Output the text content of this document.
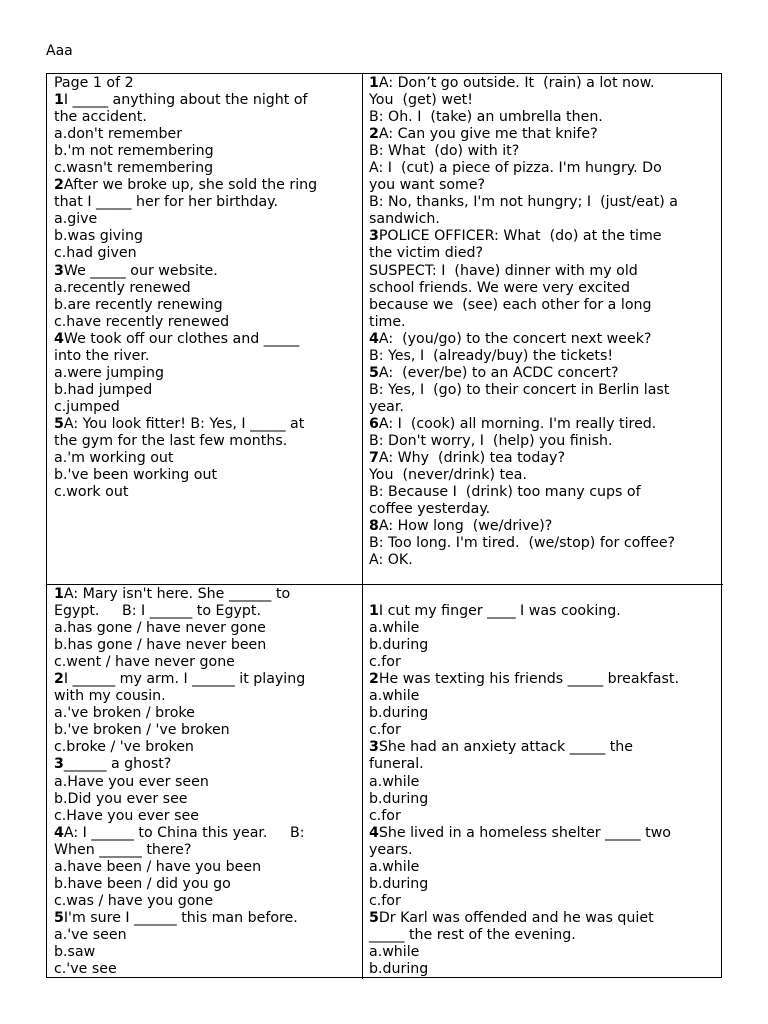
Aaa
Page 1 of 2
1I _____ anything about the night of
the accident.
a.don't remember
b.'m not remembering
c.wasn't remembering
2After we broke up, she sold the ring
that I _____ her for her birthday.
a.give
b.was giving
c.had given
3We _____ our website.
a.recently renewed
b.are recently renewing
c.have recently renewed
4We took off our clothes and _____
into the river.
a.were jumping
b.had jumped
c.jumped
5A: You look fitter! B: Yes, I _____ at
the gym for the last few months.
a.'m working out
b.'ve been working out
c.work out
1A: Don’t go outside. It  (rain) a lot now.
You  (get) wet!
B: Oh. I  (take) an umbrella then.
2A: Can you give me that knife?
B: What  (do) with it?
A: I  (cut) a piece of pizza. I'm hungry. Do
you want some?
B: No, thanks, I'm not hungry; I  (just/eat) a
sandwich.
3POLICE OFFICER: What  (do) at the time
the victim died?
SUSPECT: I  (have) dinner with my old
school friends. We were very excited
because we  (see) each other for a long
time.
4A:  (you/go) to the concert next week?
B: Yes, I  (already/buy) the tickets!
5A:  (ever/be) to an ACDC concert?
B: Yes, I  (go) to their concert in Berlin last
year.
6A: I  (cook) all morning. I'm really tired.
B: Don't worry, I  (help) you finish.
7A: Why  (drink) tea today?
You  (never/drink) tea.
B: Because I  (drink) too many cups of
coffee yesterday.
8A: How long  (we/drive)?
B: Too long. I'm tired.  (we/stop) for coffee?
A: OK.
1A: Mary isn't here. She ______ to
Egypt.     B: I ______ to Egypt.
a.has gone / have never gone
b.has gone / have never been
c.went / have never gone
2I ______ my arm. I ______ it playing
with my cousin.
a.'ve broken / broke
b.'ve broken / 've broken
c.broke / 've broken
3______ a ghost?
a.Have you ever seen
b.Did you ever see
c.Have you ever see
4A: I ______ to China this year.     B:
When ______ there?
a.have been / have you been
b.have been / did you go
c.was / have you gone
5I'm sure I ______ this man before.
a.'ve seen
b.saw
c.'ve see

1I cut my finger ____ I was cooking.
a.while
b.during
c.for
2He was texting his friends _____ breakfast.
a.while
b.during
c.for
3She had an anxiety attack _____ the
funeral.
a.while
b.during
c.for
4She lived in a homeless shelter _____ two
years.
a.while
b.during
c.for
5Dr Karl was offended and he was quiet
_____ the rest of the evening.
a.while
b.during
